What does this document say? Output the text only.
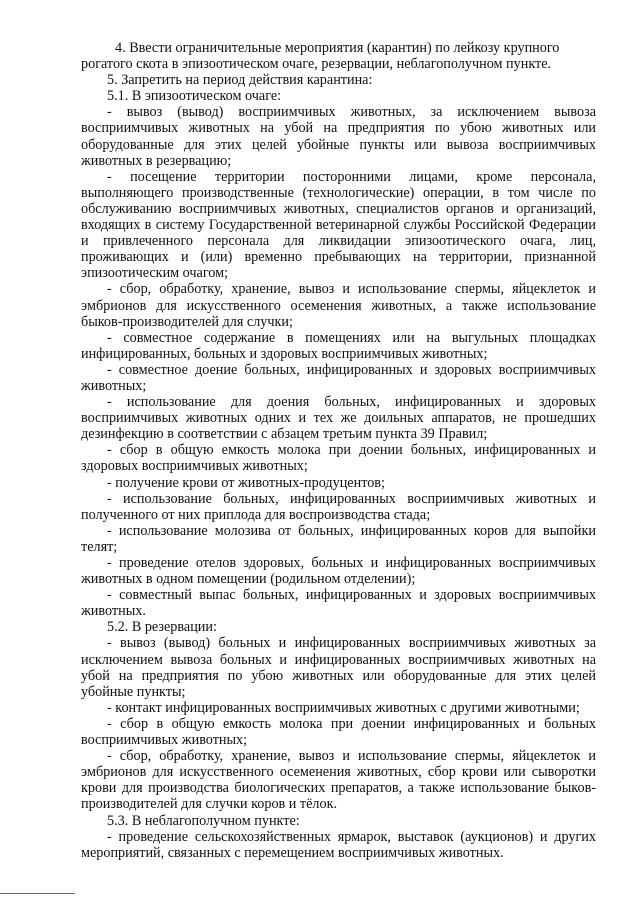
4. Ввести ограничительные мероприятия (карантин) по лейкозу крупного рогатого скота в эпизоотическом очаге, резервации, неблагополучном пункте.

5. Запретить на период действия карантина:

5.1. В эпизоотическом очаге:

- вывоз (вывод) восприимчивых животных, за исключением вывоза восприимчивых животных на убой на предприятия по убою животных или оборудованные для этих целей убойные пункты или вывоза восприимчивых животных в резервацию;

- посещение территории посторонними лицами, кроме персонала, выполняющего производственные (технологические) операции, в том числе по обслуживанию восприимчивых животных, специалистов органов и организаций, входящих в систему Государственной ветеринарной службы Российской Федерации и привлеченного персонала для ликвидации эпизоотического очага, лиц, проживающих и (или) временно пребывающих на территории, признанной эпизоотическим очагом;

- сбор, обработку, хранение, вывоз и использование спермы, яйцеклеток и эмбрионов для искусственного осеменения животных, а также использование быков-производителей для случки;

- совместное содержание в помещениях или на выгульных площадках инфицированных, больных и здоровых восприимчивых животных;

- совместное доение больных, инфицированных и здоровых восприимчивых животных;

- использование для доения больных, инфицированных и здоровых восприимчивых животных одних и тех же доильных аппаратов, не прошедших дезинфекцию в соответствии с абзацем третьим пункта 39 Правил;

- сбор в общую емкость молока при доении больных, инфицированных и здоровых восприимчивых животных;

- получение крови от животных-продуцентов;

- использование больных, инфицированных восприимчивых животных и полученного от них приплода для воспроизводства стада;

- использование молозива от больных, инфицированных коров для выпойки телят;

- проведение отелов здоровых, больных и инфицированных восприимчивых животных в одном помещении (родильном отделении);

- совместный выпас больных, инфицированных и здоровых восприимчивых животных.

5.2. В резервации:

- вывоз (вывод) больных и инфицированных восприимчивых животных за исключением вывоза больных и инфицированных восприимчивых животных на убой на предприятия по убою животных или оборудованные для этих целей убойные пункты;

- контакт инфицированных восприимчивых животных с другими животными;

- сбор в общую емкость молока при доении инфицированных и больных восприимчивых животных;

- сбор, обработку, хранение, вывоз и использование спермы, яйцеклеток и эмбрионов для искусственного осеменения животных, сбор крови или сыворотки крови для производства биологических препаратов, а также использование быков-производителей для случки коров и тёлок.

5.3. В неблагополучном пункте:

- проведение сельскохозяйственных ярмарок, выставок (аукционов) и других мероприятий, связанных с перемещением восприимчивых животных.
